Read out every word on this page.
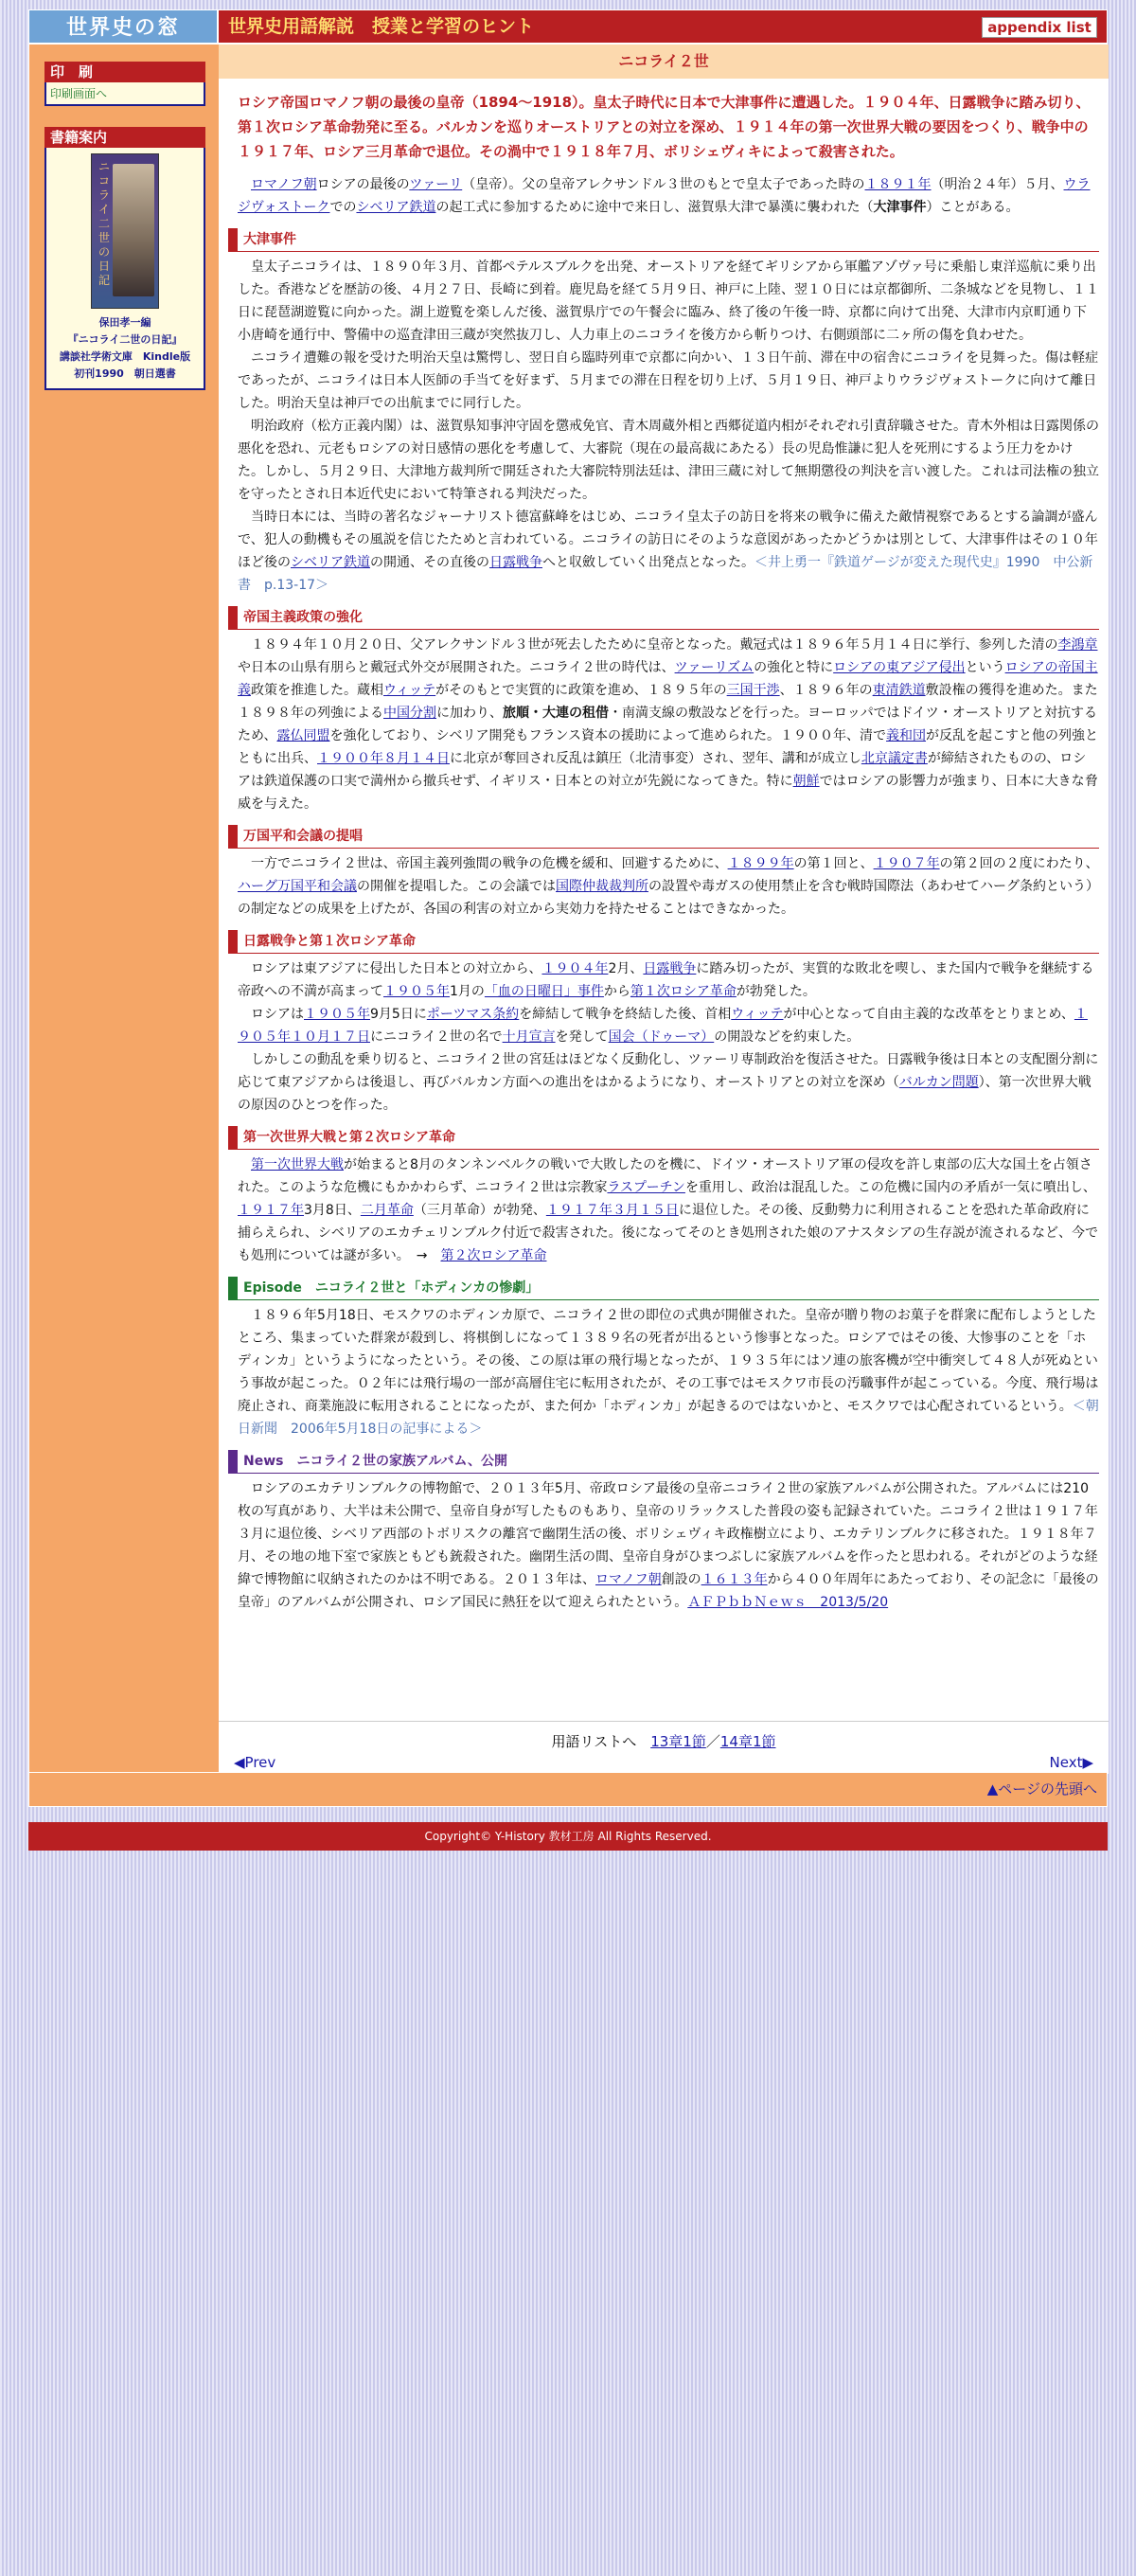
世界史の窓	世界史用語解説　授業と学習のヒント	appendix list
印　刷
印刷画面へ
書籍案内
ニコライ二世の日記
保田孝一編
『ニコライ二世の日記』
講談社学術文庫　Kindle版
初刊1990　朝日選書
ニコライ２世
ロシア帝国ロマノフ朝の最後の皇帝（1894～1918）。皇太子時代に日本で大津事件に遭遇した。１９０４年、日露戦争に踏み切り、第１次ロシア革命勃発に至る。バルカンを巡りオーストリアとの対立を深め、１９１４年の第一次世界大戦の要因をつくり、戦争中の１９１７年、ロシア三月革命で退位。その渦中で１９１８年７月、ボリシェヴィキによって殺害された。
ロマノフ朝ロシアの最後のツァーリ（皇帝）。父の皇帝アレクサンドル３世のもとで皇太子であった時の１８９１年（明治２４年）５月、ウラジヴォストークでのシベリア鉄道の起工式に参加するために途中で来日し、滋賀県大津で暴漢に襲われた（大津事件）ことがある。
大津事件
　皇太子ニコライは、１８９０年３月、首都ペテルスブルクを出発、オーストリアを経てギリシアから軍艦アゾヴァ号に乗船し東洋巡航に乗り出した。香港などを歴訪の後、４月２７日、長崎に到着。鹿児島を経て５月９日、神戸に上陸、翌１０日には京都御所、二条城などを見物し、１１日に琵琶湖遊覧に向かった。湖上遊覧を楽しんだ後、滋賀県庁での午餐会に臨み、終了後の午後一時、京都に向けて出発、大津市内京町通り下小唐崎を通行中、警備中の巡査津田三蔵が突然抜刀し、人力車上のニコライを後方から斬りつけ、右側頭部に二ヶ所の傷を負わせた。
　ニコライ遭難の報を受けた明治天皇は驚愕し、翌日自ら臨時列車で京都に向かい、１３日午前、滞在中の宿舎にニコライを見舞った。傷は軽症であったが、ニコライは日本人医師の手当てを好まず、５月までの滞在日程を切り上げ、５月１９日、神戸よりウラジヴォストークに向けて離日した。明治天皇は神戸での出航までに同行した。
　明治政府（松方正義内閣）は、滋賀県知事沖守固を懲戒免官、青木周蔵外相と西郷従道内相がそれぞれ引責辞職させた。青木外相は日露関係の悪化を恐れ、元老もロシアの対日感情の悪化を考慮して、大審院（現在の最高裁にあたる）長の児島惟謙に犯人を死刑にするよう圧力をかけた。しかし、５月２９日、大津地方裁判所で開廷された大審院特別法廷は、津田三蔵に対して無期懲役の判決を言い渡した。これは司法権の独立を守ったとされ日本近代史において特筆される判決だった。
　当時日本には、当時の著名なジャーナリスト德富蘇峰をはじめ、ニコライ皇太子の訪日を将来の戦争に備えた敵情視察であるとする論調が盛んで、犯人の動機もその風説を信じたためと言われている。ニコライの訪日にそのような意図があったかどうかは別として、大津事件はその１０年ほど後のシベリア鉄道の開通、その直後の日露戦争へと収斂していく出発点となった。＜井上勇一『鉄道ゲージが変えた現代史』1990　中公新書　p.13-17＞
帝国主義政策の強化
　１８９４年１０月２０日、父アレクサンドル３世が死去したために皇帝となった。戴冠式は１８９６年５月１４日に挙行、参列した清の李鴻章や日本の山県有朋らと戴冠式外交が展開された。ニコライ２世の時代は、ツァーリズムの強化と特にロシアの東アジア侵出というロシアの帝国主義政策を推進した。蔵相ウィッテがそのもとで実質的に政策を進め、１８９５年の三国干渉、１８９６年の東清鉄道敷設権の獲得を進めた。また１８９８年の列強による中国分割に加わり、旅順・大連の租借・南満支線の敷設などを行った。ヨーロッパではドイツ・オーストリアと対抗するため、露仏同盟を強化しており、シベリア開発もフランス資本の援助によって進められた。１９００年、清で義和団が反乱を起こすと他の列強とともに出兵、１９００年８月１４日に北京が奪回され反乱は鎮圧（北清事変）され、翌年、講和が成立し北京議定書が締結されたものの、ロシアは鉄道保護の口実で満州から撤兵せず、イギリス・日本との対立が先鋭になってきた。特に朝鮮ではロシアの影響力が強まり、日本に大きな脅威を与えた。
万国平和会議の提唱
　一方でニコライ２世は、帝国主義列強間の戦争の危機を緩和、回避するために、１８９９年の第１回と、１９０７年の第２回の２度にわたり、ハーグ万国平和会議の開催を提唱した。この会議では国際仲裁裁判所の設置や毒ガスの使用禁止を含む戦時国際法（あわせてハーグ条約という）の制定などの成果を上げたが、各国の利害の対立から実効力を持たせることはできなかった。
日露戦争と第１次ロシア革命
　ロシアは東アジアに侵出した日本との対立から、１９０４年2月、日露戦争に踏み切ったが、実質的な敗北を喫し、また国内で戦争を継続する帝政への不満が高まって１９０５年1月の「血の日曜日」事件から第１次ロシア革命が勃発した。
　ロシアは１９０５年9月5日にポーツマス条約を締結して戦争を終結した後、首相ウィッテが中心となって自由主義的な改革をとりまとめ、１９０５年１０月１７日にニコライ２世の名で十月宣言を発して国会（ドゥーマ）の開設などを約束した。
　しかしこの動乱を乗り切ると、ニコライ２世の宮廷はほどなく反動化し、ツァーリ専制政治を復活させた。日露戦争後は日本との支配圏分割に応じて東アジアからは後退し、再びバルカン方面への進出をはかるようになり、オーストリアとの対立を深め（バルカン問題）、第一次世界大戦の原因のひとつを作った。
第一次世界大戦と第２次ロシア革命
　第一次世界大戦が始まると8月のタンネンベルクの戦いで大敗したのを機に、ドイツ・オーストリア軍の侵攻を許し東部の広大な国土を占領された。このような危機にもかかわらず、ニコライ２世は宗教家ラスプーチンを重用し、政治は混乱した。この危機に国内の矛盾が一気に噴出し、１９１７年3月8日、二月革命（三月革命）が勃発、１９１７年３月１５日に退位した。その後、反動勢力に利用されることを恐れた革命政府に捕らえられ、シベリアのエカチェリンブルク付近で殺害された。後になってそのとき処刑された娘のアナスタシアの生存説が流されるなど、今でも処刑については謎が多い。　→　第２次ロシア革命
Episode　ニコライ２世と「ホディンカの惨劇」
　１８９６年5月18日、モスクワのホディンカ原で、ニコライ２世の即位の式典が開催された。皇帝が贈り物のお菓子を群衆に配布しようとしたところ、集まっていた群衆が殺到し、将棋倒しになって１３８９名の死者が出るという惨事となった。ロシアではその後、大惨事のことを「ホディンカ」というようになったという。その後、この原は軍の飛行場となったが、１９３５年にはソ連の旅客機が空中衝突して４８人が死ぬという事故が起こった。０２年には飛行場の一部が高層住宅に転用されたが、その工事ではモスクワ市長の汚職事件が起こっている。今度、飛行場は廃止され、商業施設に転用されることになったが、また何か「ホディンカ」が起きるのではないかと、モスクワでは心配されているという。＜朝日新聞　2006年5月18日の記事による＞
News　ニコライ２世の家族アルバム、公開
　ロシアのエカテリンブルクの博物館で、２０１３年5月、帝政ロシア最後の皇帝ニコライ２世の家族アルバムが公開された。アルバムには210枚の写真があり、大半は未公開で、皇帝自身が写したものもあり、皇帝のリラックスした普段の姿も記録されていた。ニコライ２世は１９１７年３月に退位後、シベリア西部のトボリスクの離宮で幽閉生活の後、ボリシェヴィキ政権樹立により、エカテリンブルクに移された。１９１８年７月、その地の地下室で家族ともども銃殺された。幽閉生活の間、皇帝自身がひまつぶしに家族アルバムを作ったと思われる。それがどのような経緯で博物館に収納されたのかは不明である。２０１３年は、ロマノフ朝創設の１６１３年から４００年周年にあたっており、その記念に「最後の皇帝」のアルバムが公開され、ロシア国民に熱狂を以て迎えられたという。ＡＦＰｂｂＮｅｗｓ　2013/5/20
用語リストへ　13章1節／14章1節
◀Prev	Next▶
▲ページの先頭へ
Copyright© Y-History 教材工房 All Rights Reserved.
